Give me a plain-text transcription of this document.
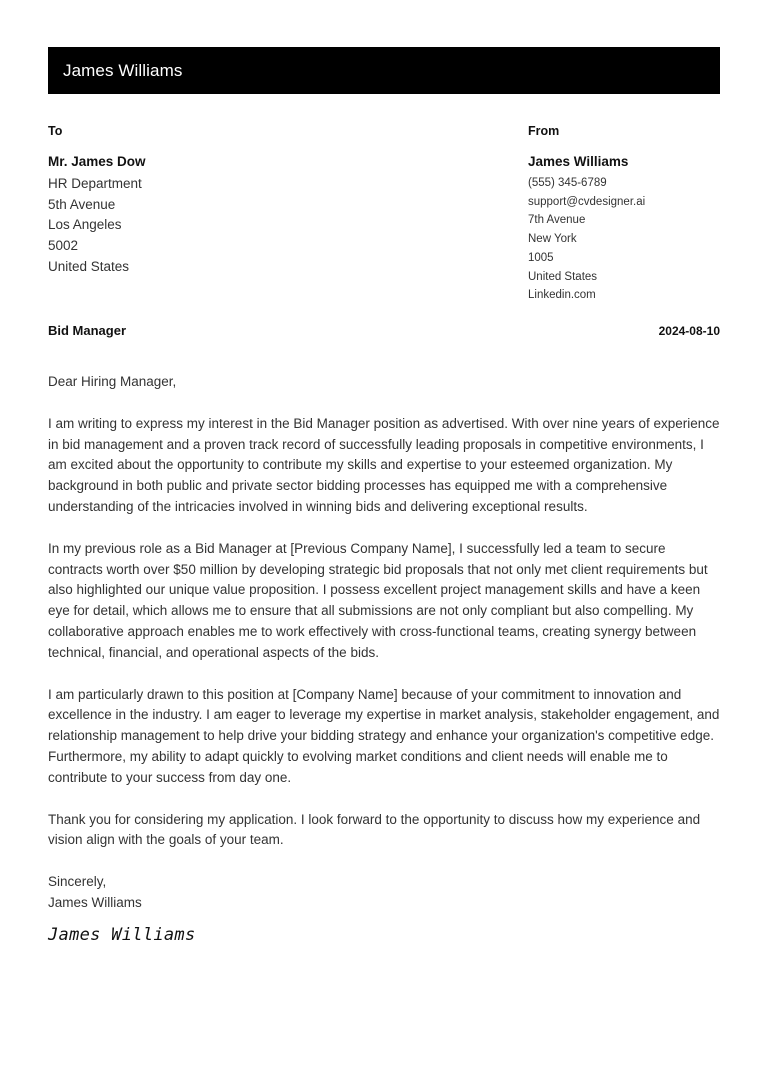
James Williams
To
Mr. James Dow
HR Department
5th Avenue
Los Angeles
5002
United States
From
James Williams
(555) 345-6789
support@cvdesigner.ai
7th Avenue
New York
1005
United States
Linkedin.com
Bid Manager	2024-08-10

Dear Hiring Manager,

I am writing to express my interest in the Bid Manager position as advertised. With over nine years of experience in bid management and a proven track record of successfully leading proposals in competitive environments, I am excited about the opportunity to contribute my skills and expertise to your esteemed organization. My background in both public and private sector bidding processes has equipped me with a comprehensive understanding of the intricacies involved in winning bids and delivering exceptional results.

In my previous role as a Bid Manager at [Previous Company Name], I successfully led a team to secure contracts worth over $50 million by developing strategic bid proposals that not only met client requirements but also highlighted our unique value proposition. I possess excellent project management skills and have a keen eye for detail, which allows me to ensure that all submissions are not only compliant but also compelling. My collaborative approach enables me to work effectively with cross-functional teams, creating synergy between technical, financial, and operational aspects of the bids.

I am particularly drawn to this position at [Company Name] because of your commitment to innovation and excellence in the industry. I am eager to leverage my expertise in market analysis, stakeholder engagement, and relationship management to help drive your bidding strategy and enhance your organization's competitive edge. Furthermore, my ability to adapt quickly to evolving market conditions and client needs will enable me to contribute to your success from day one.

Thank you for considering my application. I look forward to the opportunity to discuss how my experience and vision align with the goals of your team.

Sincerely,
James Williams
James Williams
